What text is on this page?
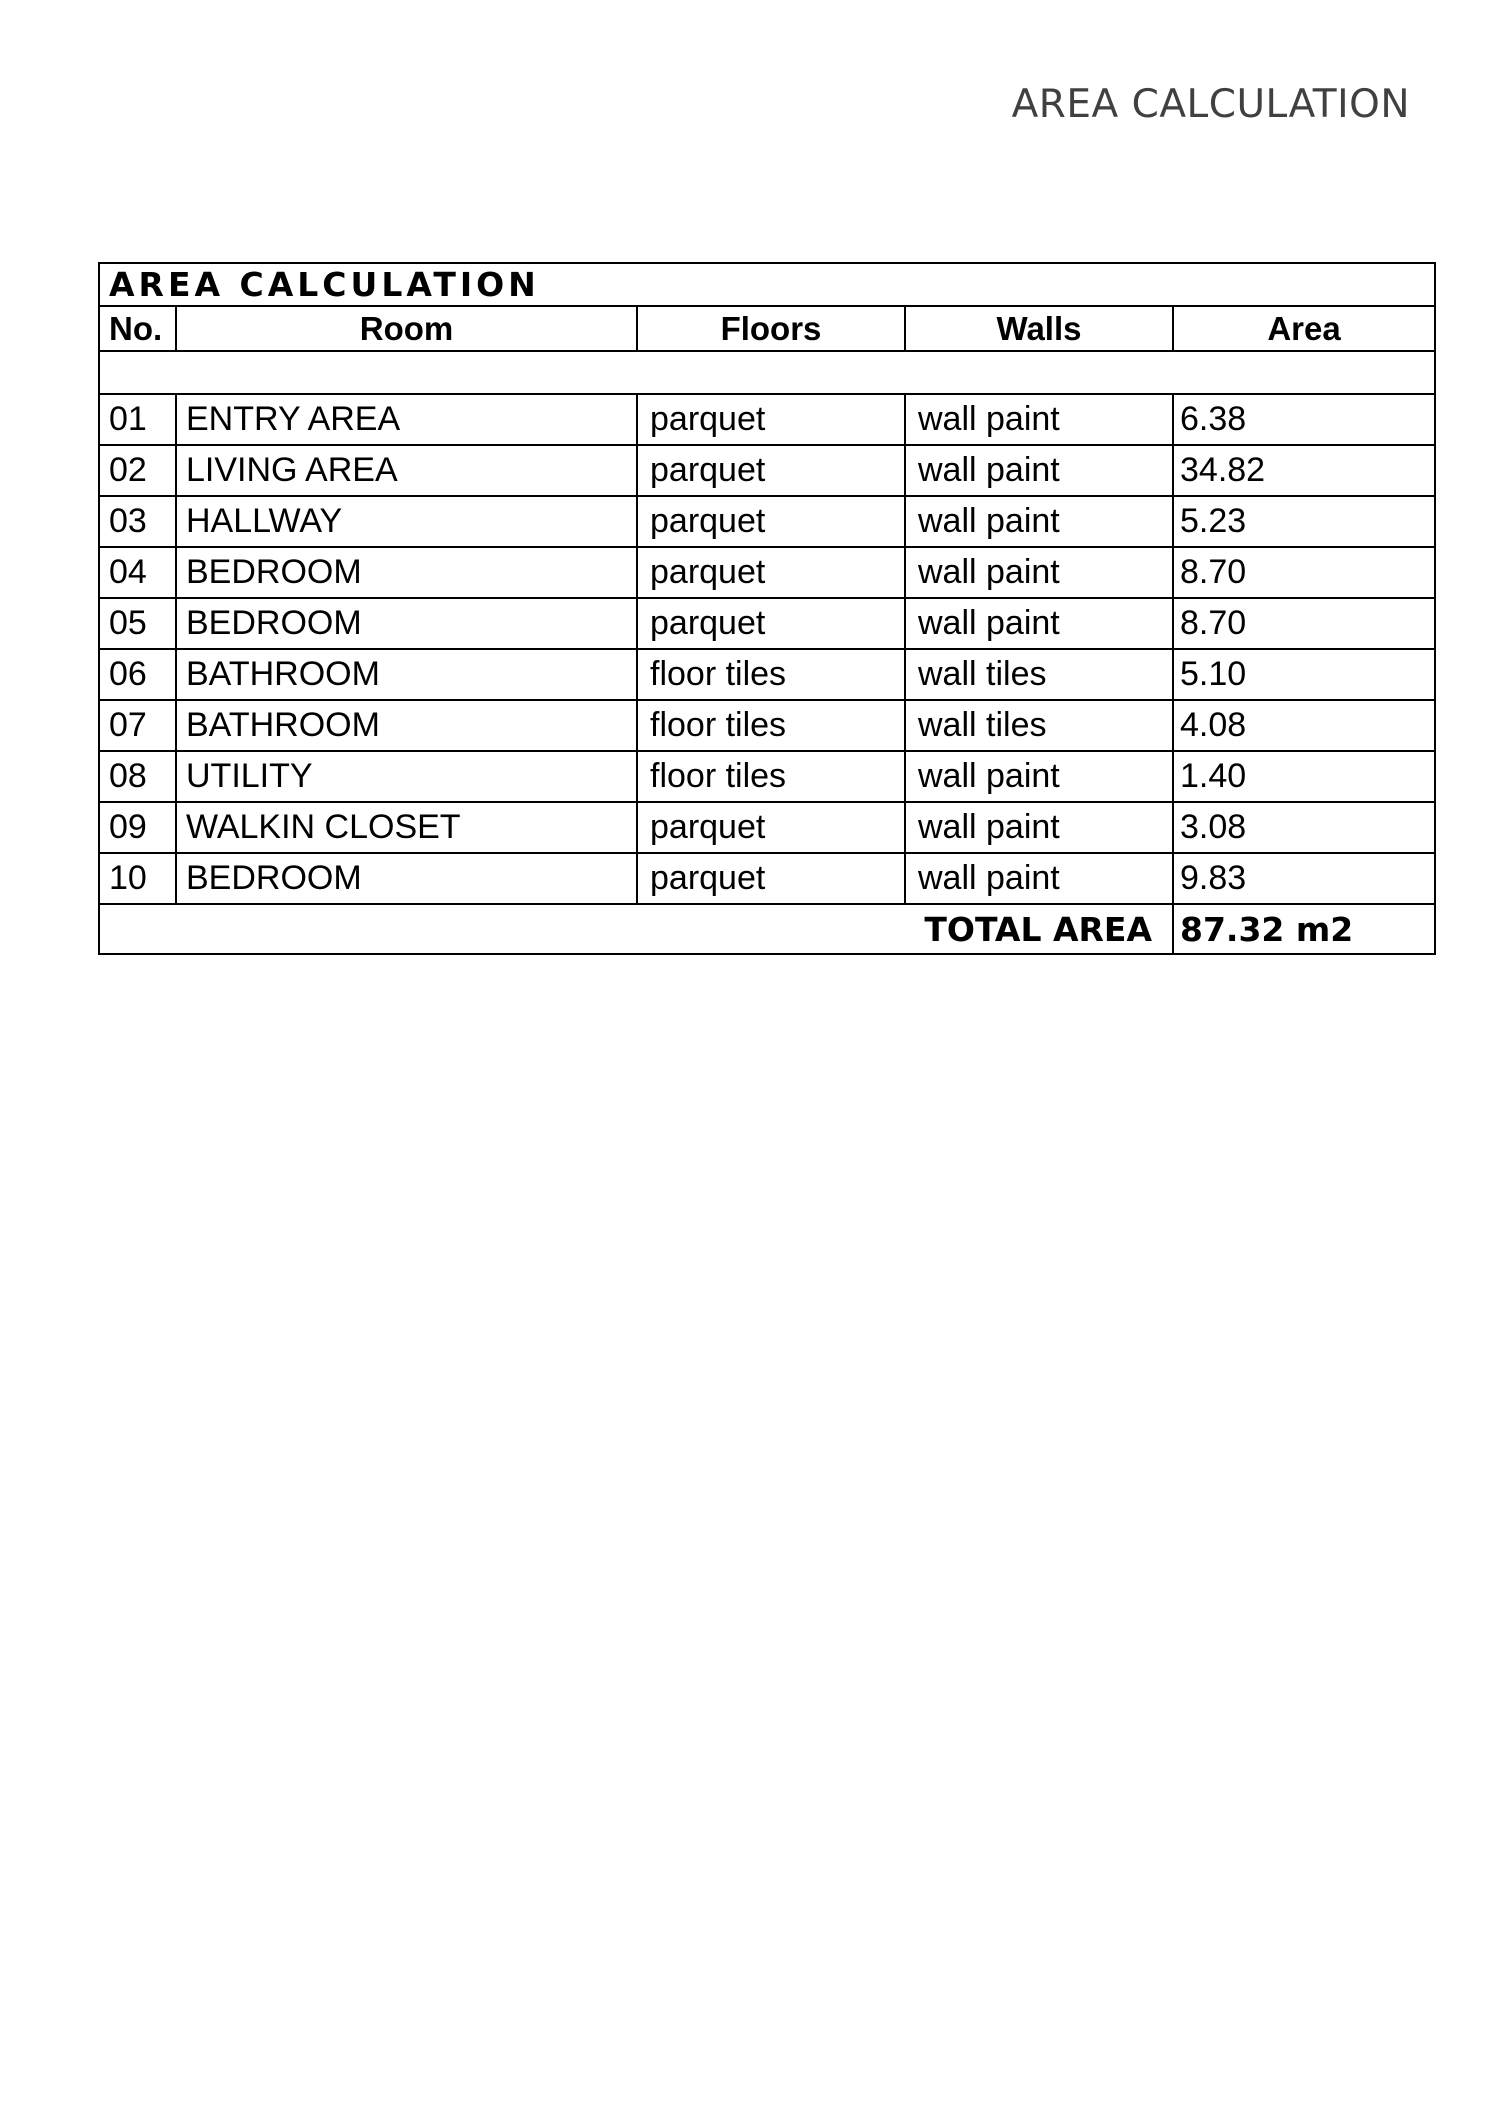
AREA CALCULATION
AREA CALCULATION				
No.	Room	Floors	Walls	Area

01	ENTRY AREA	parquet	wall paint	6.38
02	LIVING AREA	parquet	wall paint	34.82
03	HALLWAY	parquet	wall paint	5.23
04	BEDROOM	parquet	wall paint	8.70
05	BEDROOM	parquet	wall paint	8.70
06	BATHROOM	floor tiles	wall tiles	5.10
07	BATHROOM	floor tiles	wall tiles	4.08
08	UTILITY	floor tiles	wall paint	1.40
09	WALKIN CLOSET	parquet	wall paint	3.08
10	BEDROOM	parquet	wall paint	9.83
TOTAL AREA				87.32 m2
